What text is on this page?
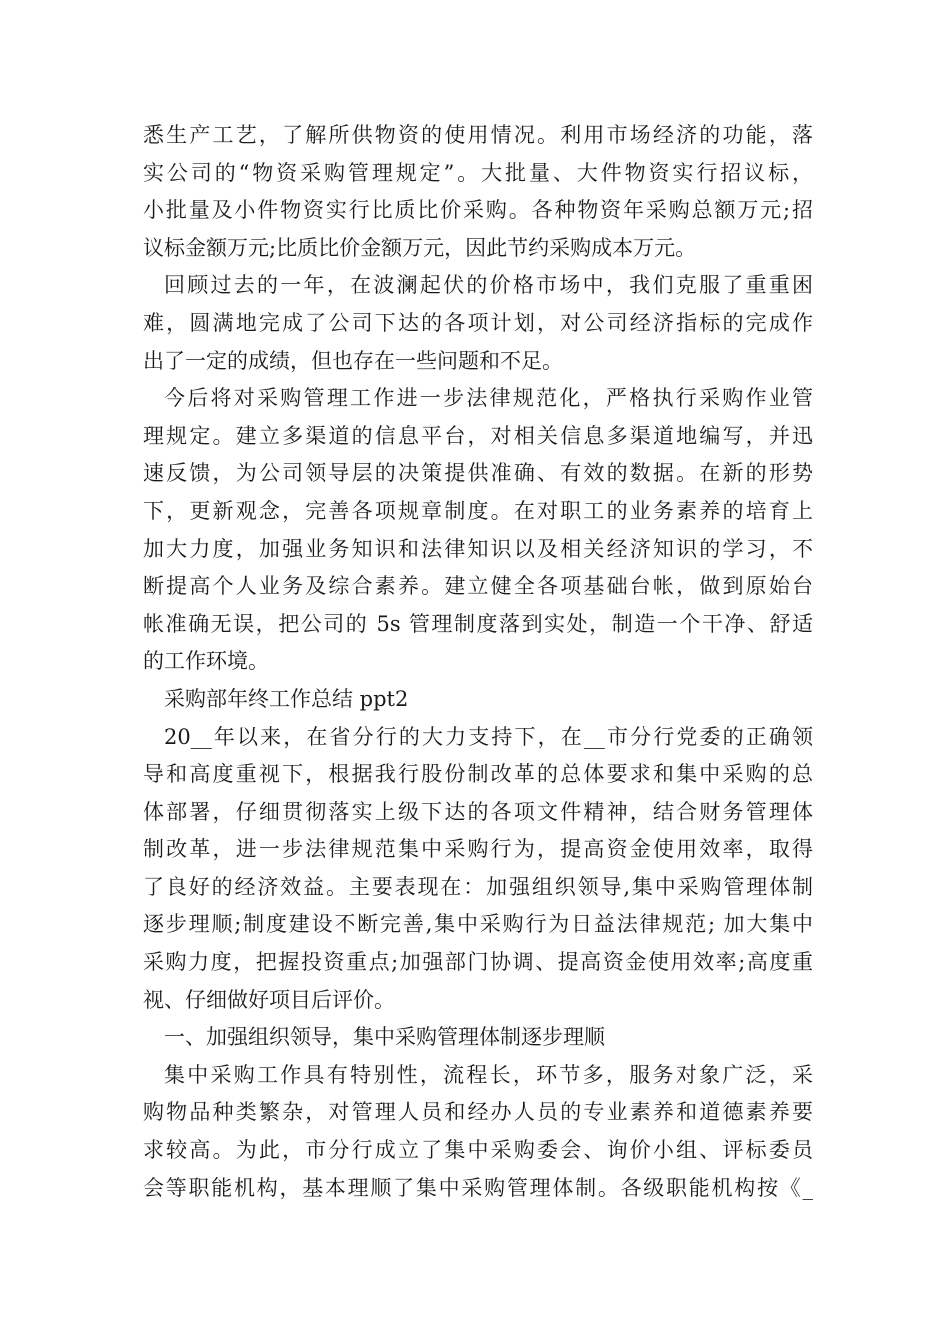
悉生产工艺，了解所供物资的使用情况。利用市场经济的功能，落
实公司的“物资采购管理规定”。大批量、大件物资实行招议标，
小批量及小件物资实行比质比价采购。各种物资年采购总额万元;招
议标金额万元;比质比价金额万元，因此节约采购成本万元。
回顾过去的一年，在波澜起伏的价格市场中，我们克服了重重困
难，圆满地完成了公司下达的各项计划，对公司经济指标的完成作
出了一定的成绩，但也存在一些问题和不足。
今后将对采购管理工作进一步法律规范化，严格执行采购作业管
理规定。建立多渠道的信息平台，对相关信息多渠道地编写，并迅
速反馈，为公司领导层的决策提供准确、有效的数据。在新的形势
下，更新观念，完善各项规章制度。在对职工的业务素养的培育上
加大力度，加强业务知识和法律知识以及相关经济知识的学习，不
断提高个人业务及综合素养。建立健全各项基础台帐，做到原始台
帐准确无误，把公司的 5s 管理制度落到实处，制造一个干净、舒适
的工作环境。
采购部年终工作总结 ppt2
20__年以来，在省分行的大力支持下，在__市分行党委的正确领
导和高度重视下，根据我行股份制改革的总体要求和集中采购的总
体部署，仔细贯彻落实上级下达的各项文件精神，结合财务管理体
制改革，进一步法律规范集中采购行为，提高资金使用效率，取得
了良好的经济效益。主要表现在：加强组织领导,集中采购管理体制
逐步理顺;制度建设不断完善,集中采购行为日益法律规范; 加大集中
采购力度，把握投资重点;加强部门协调、提高资金使用效率;高度重
视、仔细做好项目后评价。
一、加强组织领导，集中采购管理体制逐步理顺
集中采购工作具有特别性，流程长，环节多，服务对象广泛，采
购物品种类繁杂，对管理人员和经办人员的专业素养和道德素养要
求较高。为此，市分行成立了集中采购委会、询价小组、评标委员
会等职能机构，基本理顺了集中采购管理体制。各级职能机构按《_
